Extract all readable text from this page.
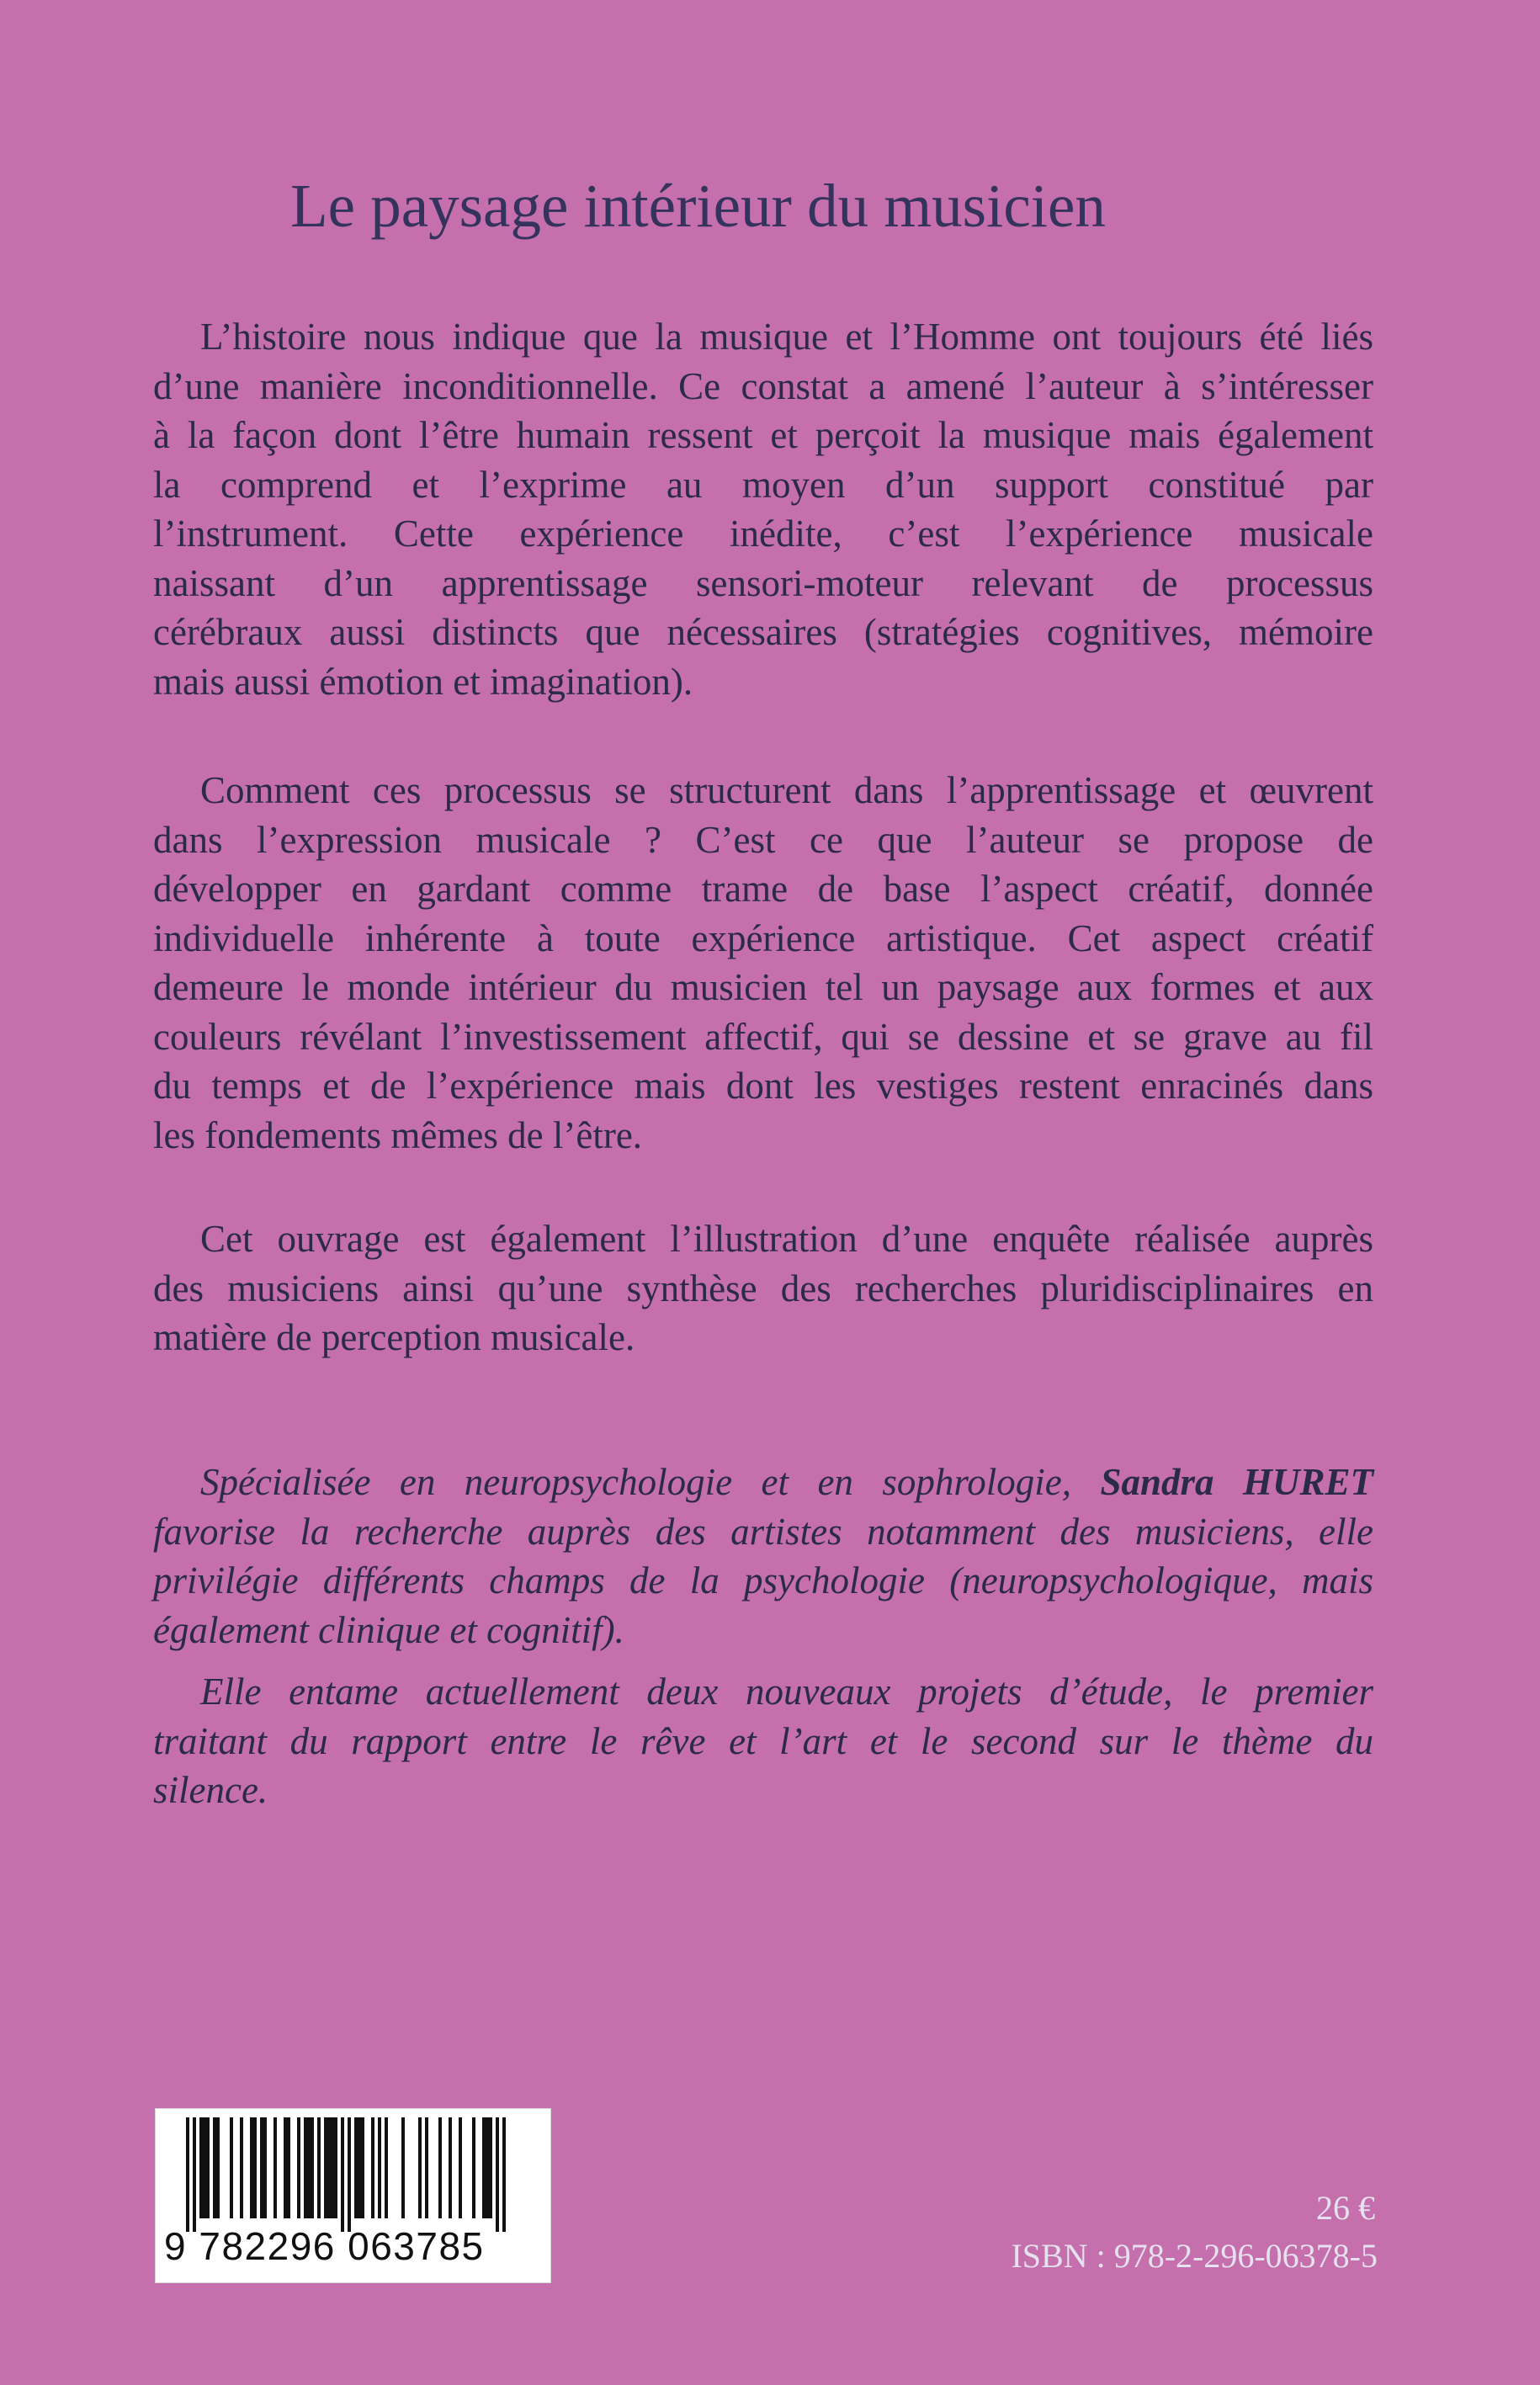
Le paysage intérieur du musicien
L’histoire nous indique que la musique et l’Homme ont toujours été liés
d’une manière inconditionnelle. Ce constat a amené l’auteur à s’intéresser
à la façon dont l’être humain ressent et perçoit la musique mais également
la comprend et l’exprime au moyen d’un support constitué par
l’instrument. Cette expérience inédite, c’est l’expérience musicale
naissant d’un apprentissage sensori-moteur relevant de processus
cérébraux aussi distincts que nécessaires (stratégies cognitives, mémoire
mais aussi émotion et imagination).
Comment ces processus se structurent dans l’apprentissage et œuvrent
dans l’expression musicale ? C’est ce que l’auteur se propose de
développer en gardant comme trame de base l’aspect créatif, donnée
individuelle inhérente à toute expérience artistique. Cet aspect créatif
demeure le monde intérieur du musicien tel un paysage aux formes et aux
couleurs révélant l’investissement affectif, qui se dessine et se grave au fil
du temps et de l’expérience mais dont les vestiges restent enracinés dans
les fondements mêmes de l’être.
Cet ouvrage est également l’illustration d’une enquête réalisée auprès
des musiciens ainsi qu’une synthèse des recherches pluridisciplinaires en
matière de perception musicale.
Spécialisée en neuropsychologie et en sophrologie, Sandra HURET
favorise la recherche auprès des artistes notamment des musiciens, elle
privilégie différents champs de la psychologie (neuropsychologique, mais
également clinique et cognitif).
Elle entame actuellement deux nouveaux projets d’étude, le premier
traitant du rapport entre le rêve et l’art et le second sur le thème du
silence.
9 782296 063785
26 €
ISBN : 978-2-296-06378-5
